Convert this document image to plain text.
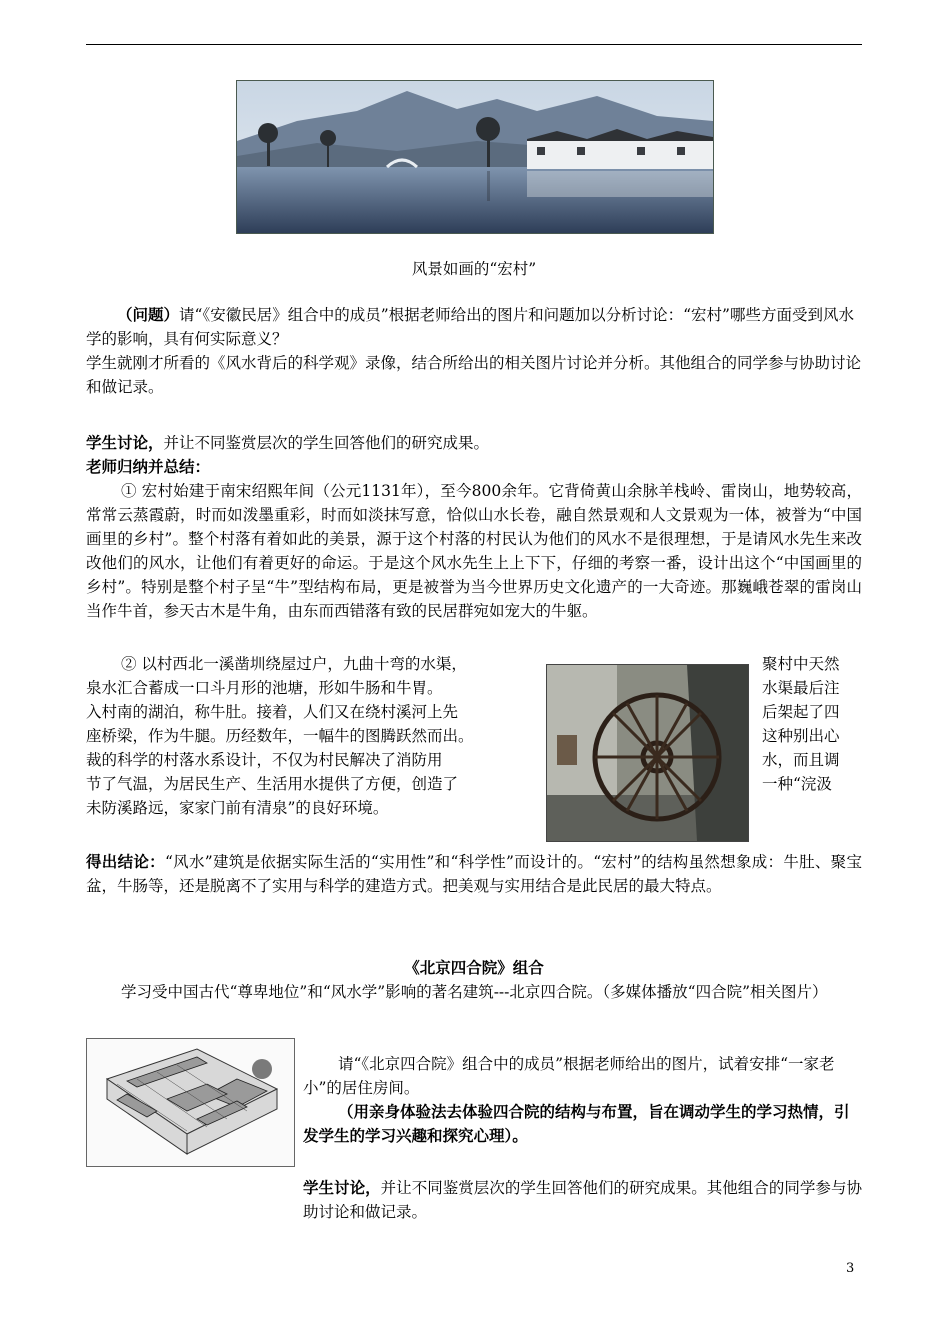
风景如画的“宏村”

（问题）请“《安徽民居》组合中的成员”根据老师给出的图片和问题加以分析讨论：“宏村”哪些方面受到风水学的影响，具有何实际意义？

学生就刚才所看的《风水背后的科学观》录像，结合所给出的相关图片讨论并分析。其他组合的同学参与协助讨论和做记录。

学生讨论，并让不同鉴赏层次的学生回答他们的研究成果。

老师归纳并总结：

① 宏村始建于南宋绍熙年间（公元1131年），至今800余年。它背倚黄山余脉羊栈岭、雷岗山，地势较高，常常云蒸霞蔚，时而如泼墨重彩，时而如淡抹写意，恰似山水长卷，融自然景观和人文景观为一体，被誉为“中国画里的乡村”。整个村落有着如此的美景，源于这个村落的村民认为他们的风水不是很理想，于是请风水先生来改改他们的风水，让他们有着更好的命运。于是这个风水先生上上下下，仔细的考察一番，设计出这个“中国画里的乡村”。特别是整个村子呈“牛”型结构布局，更是被誉为当今世界历史文化遗产的一大奇迹。那巍峨苍翠的雷岗山当作牛首，参天古木是牛角，由东而西错落有致的民居群宛如宠大的牛躯。

② 以村西北一溪凿圳绕屋过户，九曲十弯的水渠，	聚村中天然
泉水汇合蓄成一口斗月形的池塘，形如牛肠和牛胃。	水渠最后注
入村南的湖泊，称牛肚。接着，人们又在绕村溪河上先	后架起了四
座桥梁，作为牛腿。历经数年，一幅牛的图腾跃然而出。	这种别出心
裁的科学的村落水系设计，不仅为村民解决了消防用	水，而且调
节了气温，为居民生产、生活用水提供了方便，创造了	一种“浣汲
未防溪路远，家家门前有清泉”的良好环境。

得出结论：“风水”建筑是依据实际生活的“实用性”和“科学性”而设计的。“宏村”的结构虽然想象成：牛肚、聚宝盆，牛肠等，还是脱离不了实用与科学的建造方式。把美观与实用结合是此民居的最大特点。

《北京四合院》组合

学习受中国古代“尊卑地位”和“风水学”影响的著名建筑---北京四合院。（多媒体播放“四合院”相关图片）

请“《北京四合院》组合中的成员”根据老师给出的图片，试着安排“一家老小”的居住房间。

（用亲身体验法去体验四合院的结构与布置，旨在调动学生的学习热情，引发学生的学习兴趣和探究心理）。

学生讨论，并让不同鉴赏层次的学生回答他们的研究成果。其他组合的同学参与协助讨论和做记录。

3
